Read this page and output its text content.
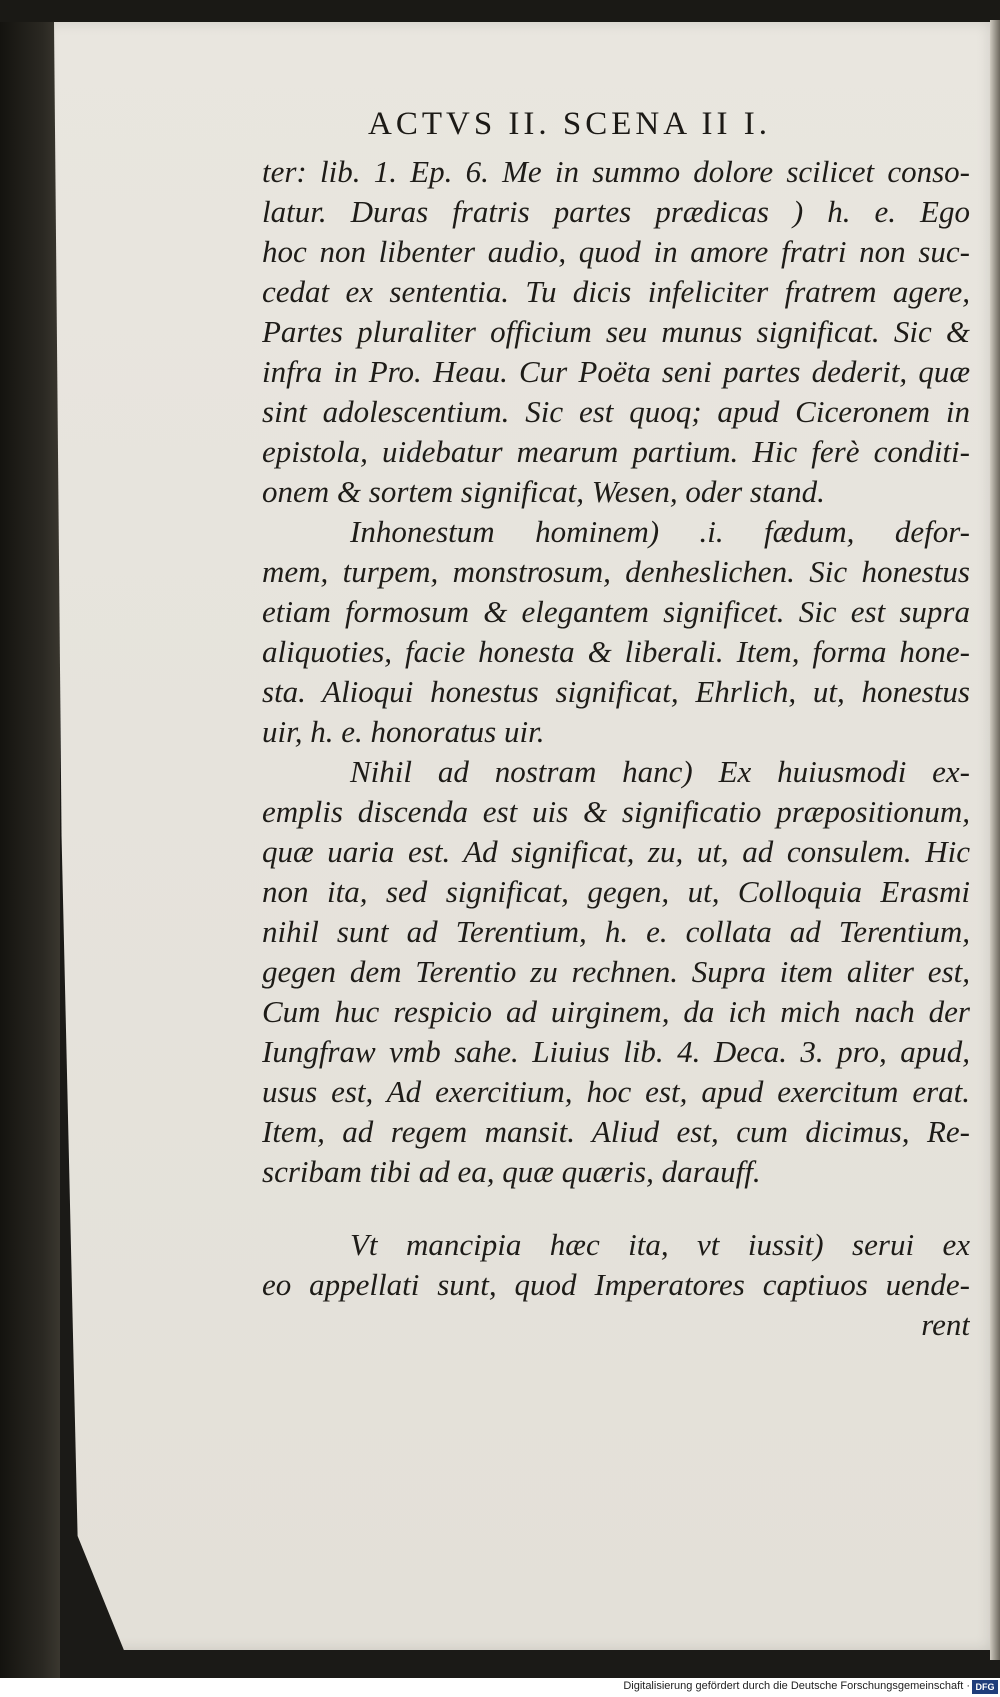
ACTVS II. SCENA II I.
ter: lib. 1. Ep. 6. Me in summo dolore scilicet conso-
latur. Duras fratris partes prædicas ) h. e. Ego
hoc non libenter audio, quod in amore fratri non suc-
cedat ex sententia. Tu dicis infeliciter fratrem agere,
Partes pluraliter officium seu munus significat. Sic &
infra in Pro. Heau. Cur Poëta seni partes dederit, quæ
sint adolescentium. Sic est quoq; apud Ciceronem in
epistola, uidebatur mearum partium. Hic ferè conditi-
onem & sortem significat, Wesen, oder stand.
Inhonestum hominem) .i. fædum, defor-
mem, turpem, monstrosum, denheslichen. Sic honestus
etiam formosum & elegantem significet. Sic est supra
aliquoties, facie honesta & liberali. Item, forma hone-
sta. Alioqui honestus significat, Ehrlich, ut, honestus
uir, h. e. honoratus uir.
Nihil ad nostram hanc) Ex huiusmodi ex-
emplis discenda est uis & significatio præpositionum,
quæ uaria est. Ad significat, zu, ut, ad consulem. Hic
non ita, sed significat, gegen, ut, Colloquia Erasmi
nihil sunt ad Terentium, h. e. collata ad Terentium,
gegen dem Terentio zu rechnen. Supra item aliter est,
Cum huc respicio ad uirginem, da ich mich nach der
Iungfraw vmb sahe. Liuius lib. 4. Deca. 3. pro, apud,
usus est, Ad exercitium, hoc est, apud exercitum erat.
Item, ad regem mansit. Aliud est, cum dicimus, Re-
scribam tibi ad ea, quæ quæris, darauff.
Vt mancipia hæc ita, vt iussit) serui ex
eo appellati sunt, quod Imperatores captiuos uende-
rent
Digitalisierung gefördert durch die Deutsche Forschungsgemeinschaft · DFG
